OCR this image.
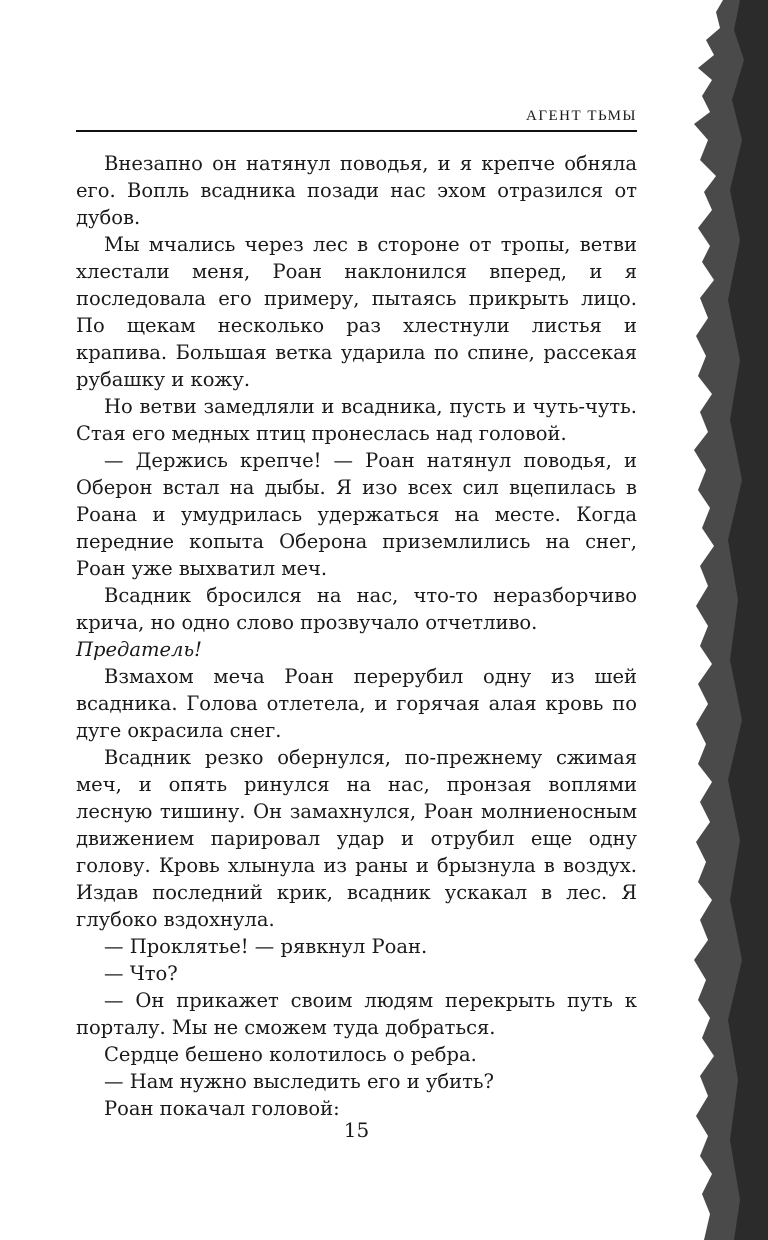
АГЕНТ ТЬМЫ

Внезапно он натянул поводья, и я крепче обняла его. Вопль всадника позади нас эхом отразился от дубов.

Мы мчались через лес в стороне от тропы, ветви хлестали меня, Роан наклонился вперед, и я последовала его примеру, пытаясь прикрыть лицо. По щекам несколько раз хлестнули листья и крапива. Большая ветка ударила по спине, рассекая рубашку и кожу.

Но ветви замедляли и всадника, пусть и чуть-чуть. Стая его медных птиц пронеслась над головой.

— Держись крепче! — Роан натянул поводья, и Оберон встал на дыбы. Я изо всех сил вцепилась в Роана и умудрилась удержаться на месте. Когда передние копыта Оберона приземлились на снег, Роан уже выхватил меч.

Всадник бросился на нас, что-то неразборчиво крича, но одно слово прозвучало отчетливо.

Предатель!

Взмахом меча Роан перерубил одну из шей всадника. Голова отлетела, и горячая алая кровь по дуге окрасила снег.

Всадник резко обернулся, по-прежнему сжимая меч, и опять ринулся на нас, пронзая воплями лесную тишину. Он замахнулся, Роан молниеносным движением парировал удар и отрубил еще одну голову. Кровь хлынула из раны и брызнула в воздух. Издав последний крик, всадник ускакал в лес. Я глубоко вздохнула.

— Проклятье! — рявкнул Роан.

— Что?

— Он прикажет своим людям перекрыть путь к порталу. Мы не сможем туда добраться.

Сердце бешено колотилось о ребра.

— Нам нужно выследить его и убить?

Роан покачал головой:

15
